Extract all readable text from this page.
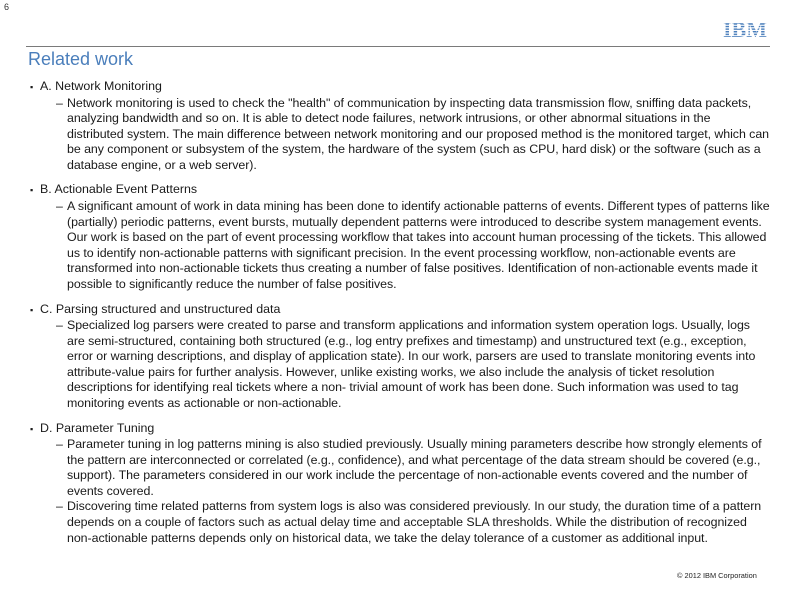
6
IBM
Related work
▪ A. Network Monitoring
– Network monitoring is used to check the "health" of communication by inspecting data transmission flow, sniffing data packets, analyzing bandwidth and so on. It is able to detect node failures, network intrusions, or other abnormal situations in the distributed system. The main difference between network monitoring and our proposed method is the monitored target, which can be any component or subsystem of the system, the hardware of the system (such as CPU, hard disk) or the software (such as a database engine, or a web server).
▪ B. Actionable Event Patterns
– A significant amount of work in data mining has been done to identify actionable patterns of events. Different types of patterns like (partially) periodic patterns, event bursts, mutually dependent patterns were introduced to describe system management events. Our work is based on the part of event processing workflow that takes into account human processing of the tickets. This allowed us to identify non-actionable patterns with significant precision. In the event processing workflow, non-actionable events are transformed into non-actionable tickets thus creating a number of false positives. Identification of non-actionable events made it possible to significantly reduce the number of false positives.
▪ C. Parsing structured and unstructured data
– Specialized log parsers were created to parse and transform applications and information system operation logs. Usually, logs are semi-structured, containing both structured (e.g., log entry prefixes and timestamp) and unstructured text (e.g., exception, error or warning descriptions, and display of application state). In our work, parsers are used to translate monitoring events into attribute-value pairs for further analysis. However, unlike existing works, we also include the analysis of ticket resolution descriptions for identifying real tickets where a non- trivial amount of work has been done. Such information was used to tag monitoring events as actionable or non-actionable.
▪ D. Parameter Tuning
– Parameter tuning in log patterns mining is also studied previously. Usually mining parameters describe how strongly elements of the pattern are interconnected or correlated (e.g., confidence), and what percentage of the data stream should be covered (e.g., support). The parameters considered in our work include the percentage of non-actionable events covered and the number of events covered.
– Discovering time related patterns from system logs is also was considered previously. In our study, the duration time of a pattern depends on a couple of factors such as actual delay time and acceptable SLA thresholds. While the distribution of recognized non-actionable patterns depends only on historical data, we take the delay tolerance of a customer as additional input.
© 2012 IBM Corporation
